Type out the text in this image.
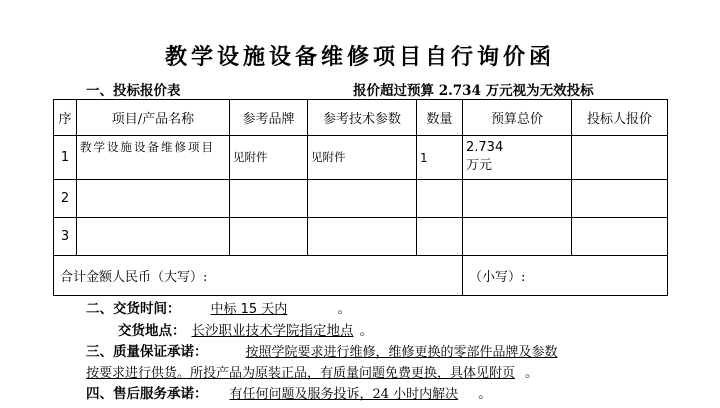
教学设施设备维修项目自行询价函
一、投标报价表	报价超过预算 2.734 万元视为无效投标
序	项目/产品名称	参考品牌	参考技术参数	数量	预算总价	投标人报价
1	教学设施设备维修项目	见附件	见附件	1	2.734
万元	

2						
3						
合计金额人民币（大写）:					（小写）:	
二、交货时间： 中标 15 天内	。
交货地点： 长沙职业技术学院指定地点 。
三、质量保证承诺：	按照学院要求进行维修，维修更换的零部件品牌及参数
按要求进行供货。所投产品为原装正品，有质量问题免费更换，具体见附页 。
四、售后服务承诺： 有任何问题及服务投诉，24 小时内解决 。
